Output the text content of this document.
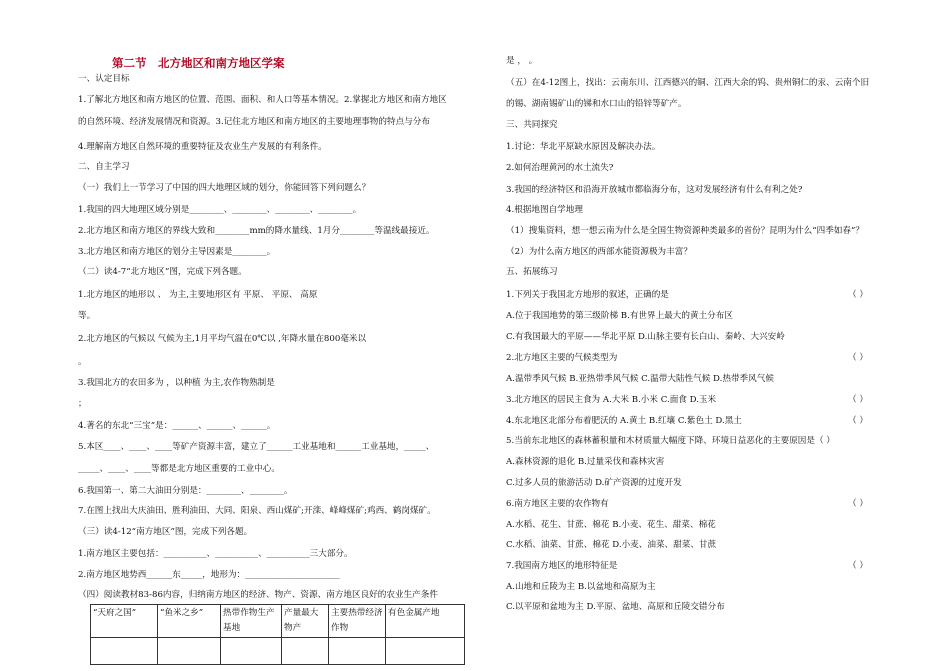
第二节　北方地区和南方地区学案
一、认定目标
1.了解北方地区和南方地区的位置、范围、面积、和人口等基本情况。2.掌握北方地区和南方地区
的自然环境、经济发展情况和资源。3.记住北方地区和南方地区的主要地理事物的特点与分布
4.理解南方地区自然环境的重要特征及农业生产发展的有利条件。
二、自主学习
（一）我们上一节学习了中国的四大地理区域的划分，你能回答下列问题么？
1.我国的四大地理区域分别是________、________、________、________。
2.北方地区和南方地区的界线大致和________mm的降水量线、1月分________等温线最接近。
3.北方地区和南方地区的划分主导因素是________。
（二）读4-7“北方地区”图，完成下列各题。
1.北方地区的地形以 、 为主,主要地形区有 平原、 平原、 高原
等。
2.北方地区的气候以 气候为主,1月平均气温在0℃以 ,年降水量在800毫米以
。
3.我国北方的农田多为 ，以种植 为主,农作物熟制是
；
4.著名的东北“三宝”是：______、______、______。
5.本区____、____、____等矿产资源丰富，建立了______工业基地和______工业基地，_____、
_____、____、____等都是北方地区重要的工业中心。
6.我国第一、第二大油田分别是：________、________。
7.在图上找出大庆油田、胜利油田、大同、阳泉、西山煤矿;开滦、峰峰煤矿;鸡西、鹤岗煤矿。
（三）读4-12“南方地区”图，完成下列各题。
1.南方地区主要包括：__________、__________、__________三大部分。
2.南方地区地势西______东_____，地形为：______________________
（四）阅读教材83-86内容，归纳南方地区的经济、物产、资源、南方地区良好的农业生产条件
“天府之国”	“鱼米之乡”	热带作物生产基地	产量最大物产	主要热带经济作物	有色金属产地

是 ， 。
（五）在4-12图上，找出：云南东川、江西德兴的铜、江西大余的钨、贵州铜仁的汞、云南个旧
的锡、湖南锡矿山的锑和水口山的铅锌等矿产。
三、共同探究
1.讨论：华北平原缺水原因及解决办法。
2.如何治理黄河的水土流失?
3.我国的经济特区和沿海开放城市都临海分布，这对发展经济有什么有利之处?
4.根据地图自学地理
（1）搜集资料，想一想云南为什么是全国生物资源种类最多的省份？昆明为什么“四季如春”？
（2）为什么南方地区的西部水能资源极为丰富？
五、拓展练习
1.下列关于我国北方地形的叙述，正确的是	（ ）
A.位于我国地势的第三级阶梯 B.有世界上最大的黄土分布区
C.有我国最大的平原——华北平原 D.山脉主要有长白山、秦岭、大兴安岭
2.北方地区主要的气候类型为	（ ）
A.温带季风气候 B.亚热带季风气候 C.温带大陆性气候 D.热带季风气候
3.北方地区的居民主食为 A.大米 B.小米 C.面食 D.玉米	（ ）
4.东北地区北部分布着肥沃的 A.黄土 B.红壤 C.紫色土 D.黑土	（ ）
5.当前东北地区的森林蓄积量和木材质量大幅度下降、环境日益恶化的主要原因是（ ）
A.森林资源的退化 B.过量采伐和森林灾害
C.过多人员的旅游活动 D.矿产资源的过度开发
6.南方地区主要的农作物有	（ ）
A.水稻、花生、甘蔗、棉花 B.小麦、花生、甜菜、棉花
C.水稻、油菜、甘蔗、棉花 D.小麦、油菜、甜菜、甘蔗
7.我国南方地区的地形特征是	（ ）
A.山地和丘陵为主 B.以盆地和高原为主
C.以平原和盆地为主 D.平原、盆地、高原和丘陵交错分布
